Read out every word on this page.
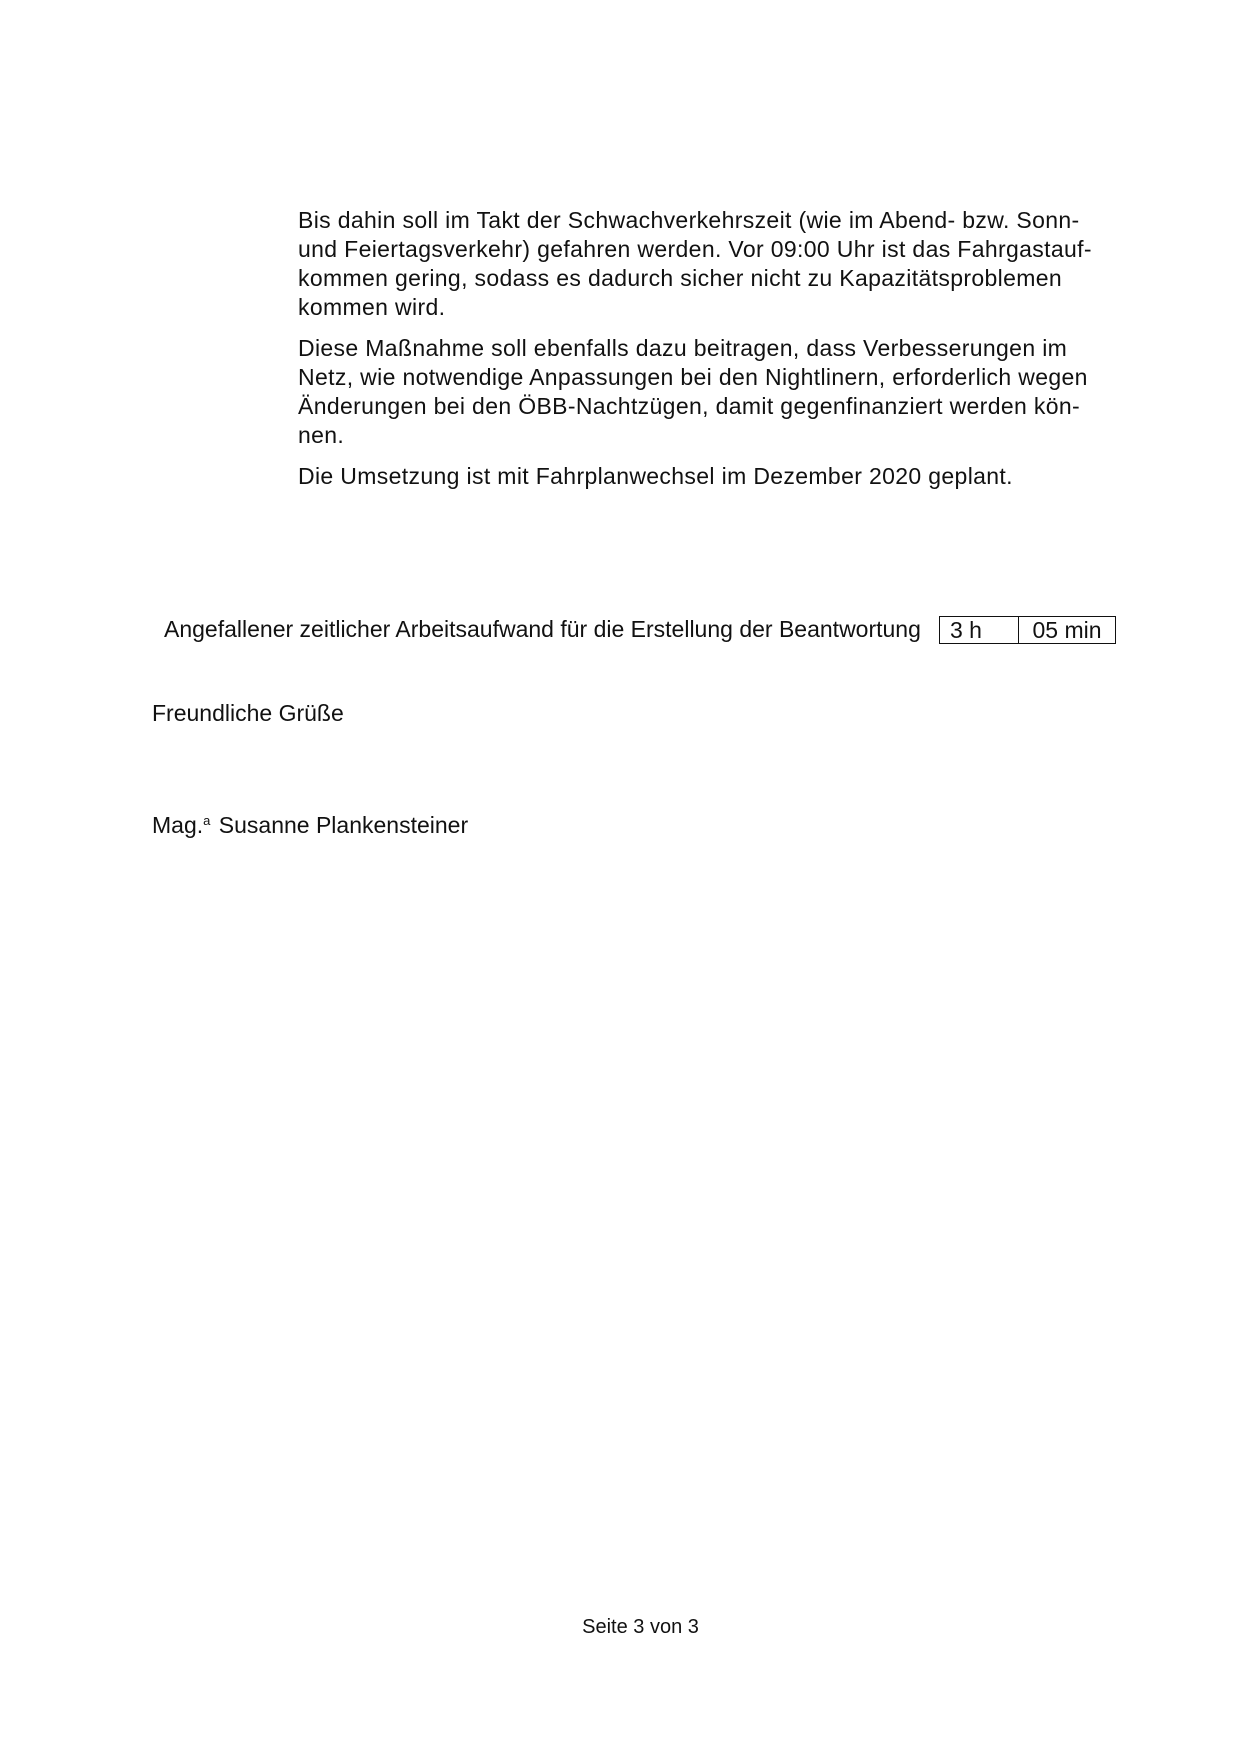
Bis dahin soll im Takt der Schwachverkehrszeit (wie im Abend- bzw. Sonn- und Feiertagsverkehr) gefahren werden. Vor 09:00 Uhr ist das Fahrgastauf- kommen gering, sodass es dadurch sicher nicht zu Kapazitätsproblemen kommen wird.

Diese Maßnahme soll ebenfalls dazu beitragen, dass Verbesserungen im Netz, wie notwendige Anpassungen bei den Nightlinern, erforderlich wegen Änderungen bei den ÖBB-Nachtzügen, damit gegenfinanziert werden kön- nen.

Die Umsetzung ist mit Fahrplanwechsel im Dezember 2020 geplant.

Angefallener zeitlicher Arbeitsaufwand für die Erstellung der Beantwortung	3 h	05 min
Freundliche Grüße
Mag.$^a$ Susanne Plankensteiner
Seite 3 von 3
